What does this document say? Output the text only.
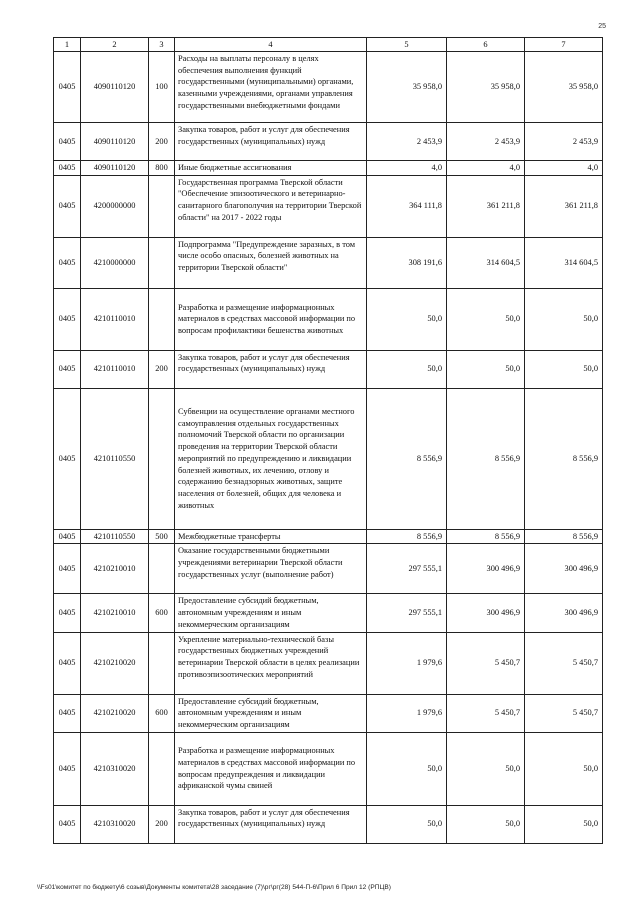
25
1	2	3	4	5	6	7
0405	4090110120	100	Расходы на выплаты персоналу в целях обеспечения выполнения функций государственными (муниципальными) органами, казенными учреждениями, органами управления государственными внебюджетными фондами	35 958,0	35 958,0	35 958,0
0405	4090110120	200	Закупка товаров, работ и услуг для обеспечения государственных (муниципальных) нужд	2 453,9	2 453,9	2 453,9
0405	4090110120	800	Иные бюджетные ассигнования	4,0	4,0	4,0
0405	4200000000		Государственная программа Тверской области "Обеспечение эпизоотического и ветеринарно-санитарного благополучия на территории Тверской области" на 2017 - 2022 годы	364 111,8	361 211,8	361 211,8
0405	4210000000		Подпрограмма "Предупреждение заразных, в том числе особо опасных, болезней животных на территории Тверской области"	308 191,6	314 604,5	314 604,5
0405	4210110010		Разработка и размещение информационных материалов в средствах массовой информации по вопросам профилактики бешенства животных	50,0	50,0	50,0
0405	4210110010	200	Закупка товаров, работ и услуг для обеспечения государственных (муниципальных) нужд	50,0	50,0	50,0
0405	4210110550		Субвенции на осуществление органами местного самоуправления отдельных государственных полномочий Тверской области по организации проведения на территории Тверской области мероприятий по предупреждению и ликвидации болезней животных, их лечению, отлову и содержанию безнадзорных животных, защите населения от болезней, общих для человека и животных	8 556,9	8 556,9	8 556,9
0405	4210110550	500	Межбюджетные трансферты	8 556,9	8 556,9	8 556,9
0405	4210210010		Оказание государственными бюджетными учреждениями ветеринарии Тверской области государственных услуг (выполнение работ)	297 555,1	300 496,9	300 496,9
0405	4210210010	600	Предоставление субсидий бюджетным, автономным учреждениям и иным некоммерческим организациям	297 555,1	300 496,9	300 496,9
0405	4210210020		Укрепление материально-технической базы государственных бюджетных учреждений ветеринарии Тверской области в целях реализации противоэпизоотических мероприятий	1 979,6	5 450,7	5 450,7
0405	4210210020	600	Предоставление субсидий бюджетным, автономным учреждениям и иным некоммерческим организациям	1 979,6	5 450,7	5 450,7
0405	4210310020		Разработка и размещение информационных материалов в средствах массовой информации по вопросам предупреждения и ликвидации африканской чумы свиней	50,0	50,0	50,0
0405	4210310020	200	Закупка товаров, работ и услуг для обеспечения государственных (муниципальных) нужд	50,0	50,0	50,0
\\Fs01\комитет по бюджету\6 созыв\Документы комитета\28 заседание (7)\рг\рг(28) 544-П-6\Прил 6 Прил 12 (РПЦВ)
